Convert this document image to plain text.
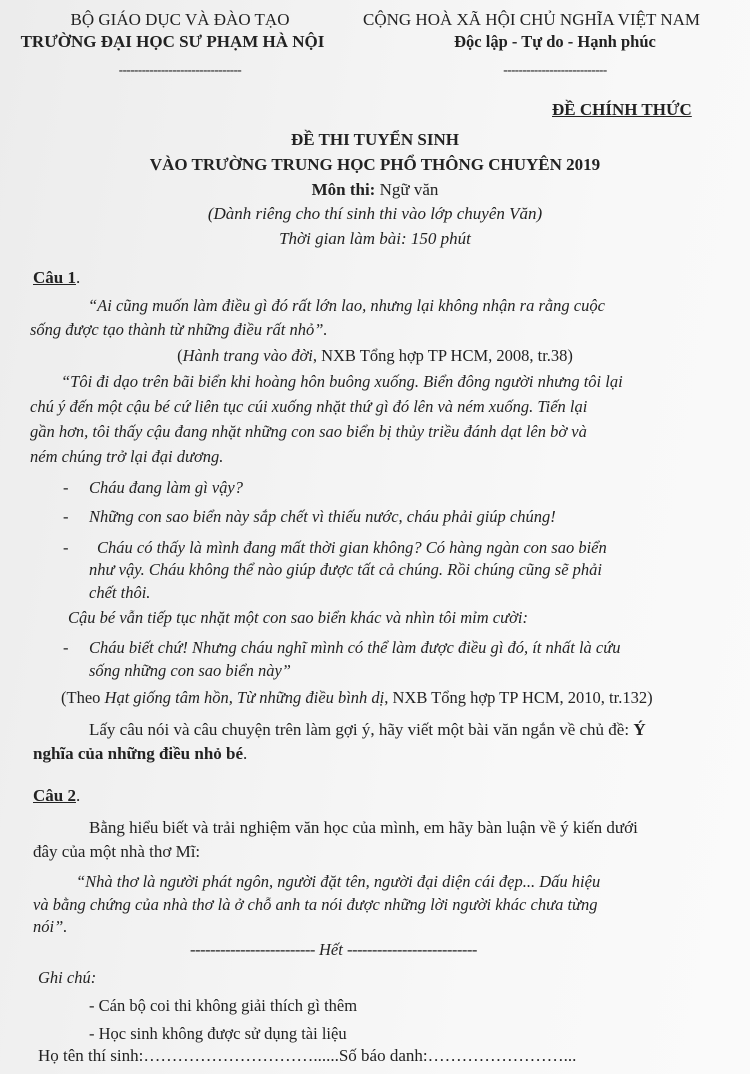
BỘ GIÁO DỤC VÀ ĐÀO TẠO
TRƯỜNG ĐẠI HỌC SƯ PHẠM HÀ NỘI
--------------------------------
CỘNG HOÀ XÃ HỘI CHỦ NGHĨA VIỆT NAM
Độc lập - Tự do - Hạnh phúc
---------------------------
ĐỀ CHÍNH THỨC
ĐỀ THI TUYỂN SINH
VÀO TRƯỜNG TRUNG HỌC PHỔ THÔNG CHUYÊN 2019
Môn thi: Ngữ văn
(Dành riêng cho thí sinh thi vào lớp chuyên Văn)
Thời gian làm bài: 150 phút
Câu 1.
“Ai cũng muốn làm điều gì đó rất lớn lao, nhưng lại không nhận ra rằng cuộc
sống được tạo thành từ những điều rất nhỏ”.
(Hành trang vào đời, NXB Tổng hợp TP HCM, 2008, tr.38)
“Tôi đi dạo trên bãi biển khi hoàng hôn buông xuống. Biển đông người nhưng tôi lại
chú ý đến một cậu bé cứ liên tục cúi xuống nhặt thứ gì đó lên và ném xuống. Tiến lại
gần hơn, tôi thấy cậu đang nhặt những con sao biển bị thủy triều đánh dạt lên bờ và
ném chúng trở lại đại dương.
- Cháu đang làm gì vậy?
- Những con sao biển này sắp chết vì thiếu nước, cháu phải giúp chúng!
- Cháu có thấy là mình đang mất thời gian không? Có hàng ngàn con sao biển
như vậy. Cháu không thể nào giúp được tất cả chúng. Rồi chúng cũng sẽ phải
chết thôi.
Cậu bé vẫn tiếp tục nhặt một con sao biển khác và nhìn tôi mỉm cười:
- Cháu biết chứ! Nhưng cháu nghĩ mình có thể làm được điều gì đó, ít nhất là cứu
sống những con sao biển này”
(Theo Hạt giống tâm hồn, Từ những điều bình dị, NXB Tổng hợp TP HCM, 2010, tr.132)
Lấy câu nói và câu chuyện trên làm gợi ý, hãy viết một bài văn ngắn về chủ đề: Ý
nghĩa của những điều nhỏ bé.
Câu 2.
Bằng hiểu biết và trải nghiệm văn học của mình, em hãy bàn luận về ý kiến dưới
đây của một nhà thơ Mĩ:
“Nhà thơ là người phát ngôn, người đặt tên, người đại diện cái đẹp... Dấu hiệu
và bằng chứng của nhà thơ là ở chỗ anh ta nói được những lời người khác chưa từng
nói”.
------------------------- Hết --------------------------
Ghi chú:
- Cán bộ coi thi không giải thích gì thêm
- Học sinh không được sử dụng tài liệu
Họ tên thí sinh:…………………………......Số báo danh:……………………...
